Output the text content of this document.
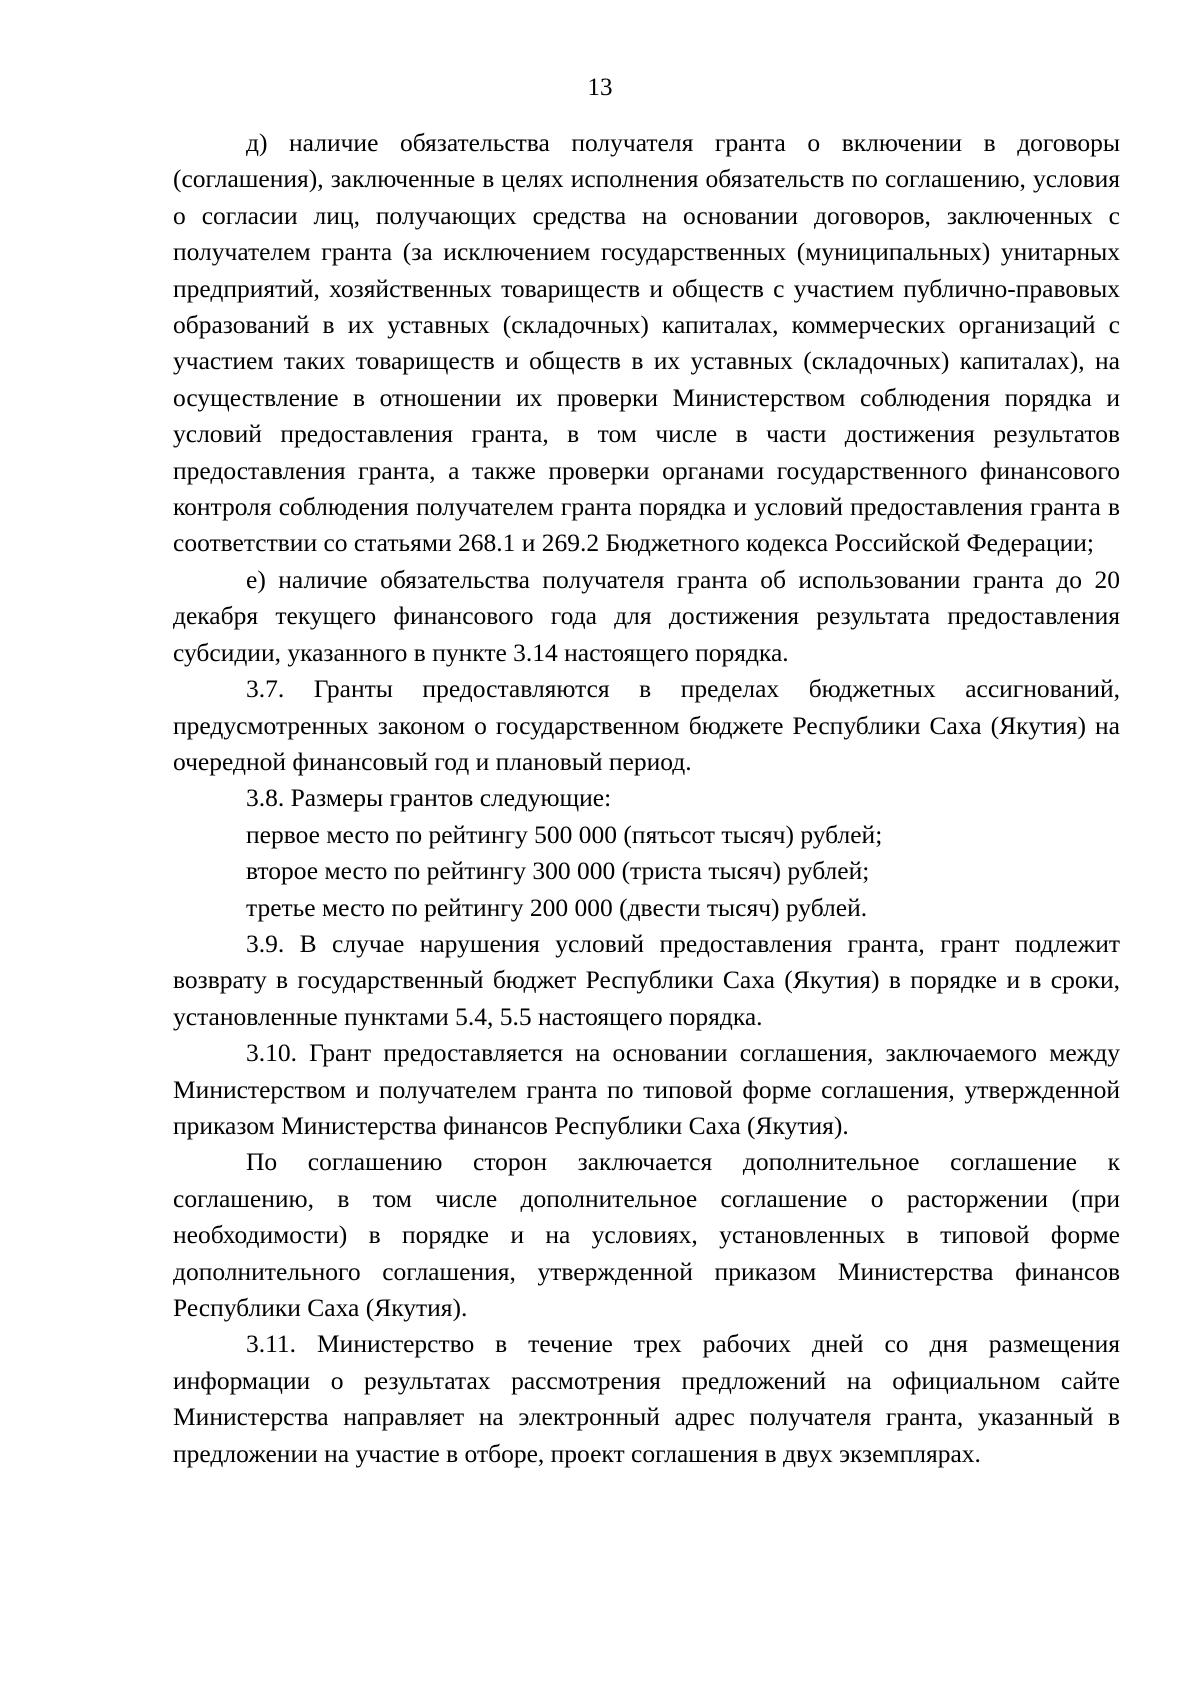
13

д) наличие обязательства получателя гранта о включении в договоры (соглашения), заключенные в целях исполнения обязательств по соглашению, условия о согласии лиц, получающих средства на основании договоров, заключенных с получателем гранта (за исключением государственных (муниципальных) унитарных предприятий, хозяйственных товариществ и обществ с участием публично-правовых образований в их уставных (складочных) капиталах, коммерческих организаций с участием таких товариществ и обществ в их уставных (складочных) капиталах), на осуществление в отношении их проверки Министерством соблюдения порядка и условий предоставления гранта, в том числе в части достижения результатов предоставления гранта, а также проверки органами государственного финансового контроля соблюдения получателем гранта порядка и условий предоставления гранта в соответствии со статьями 268.1 и 269.2 Бюджетного кодекса Российской Федерации;

е) наличие обязательства получателя гранта об использовании гранта до 20 декабря текущего финансового года для достижения результата предоставления субсидии, указанного в пункте 3.14 настоящего порядка.

3.7. Гранты предоставляются в пределах бюджетных ассигнований, предусмотренных законом о государственном бюджете Республики Саха (Якутия) на очередной финансовый год и плановый период.

3.8. Размеры грантов следующие:

первое место по рейтингу 500 000 (пятьсот тысяч) рублей;

второе место по рейтингу 300 000 (триста тысяч) рублей;

третье место по рейтингу 200 000 (двести тысяч) рублей.

3.9. В случае нарушения условий предоставления гранта, грант подлежит возврату в государственный бюджет Республики Саха (Якутия) в порядке и в сроки, установленные пунктами 5.4, 5.5 настоящего порядка.

3.10. Грант предоставляется на основании соглашения, заключаемого между Министерством и получателем гранта по типовой форме соглашения, утвержденной приказом Министерства финансов Республики Саха (Якутия).

По соглашению сторон заключается дополнительное соглашение к соглашению, в том числе дополнительное соглашение о расторжении (при необходимости) в порядке и на условиях, установленных в типовой форме дополнительного соглашения, утвержденной приказом Министерства финансов Республики Саха (Якутия).

3.11. Министерство в течение трех рабочих дней со дня размещения информации о результатах рассмотрения предложений на официальном сайте Министерства направляет на электронный адрес получателя гранта, указанный в предложении на участие в отборе, проект соглашения в двух экземплярах.
